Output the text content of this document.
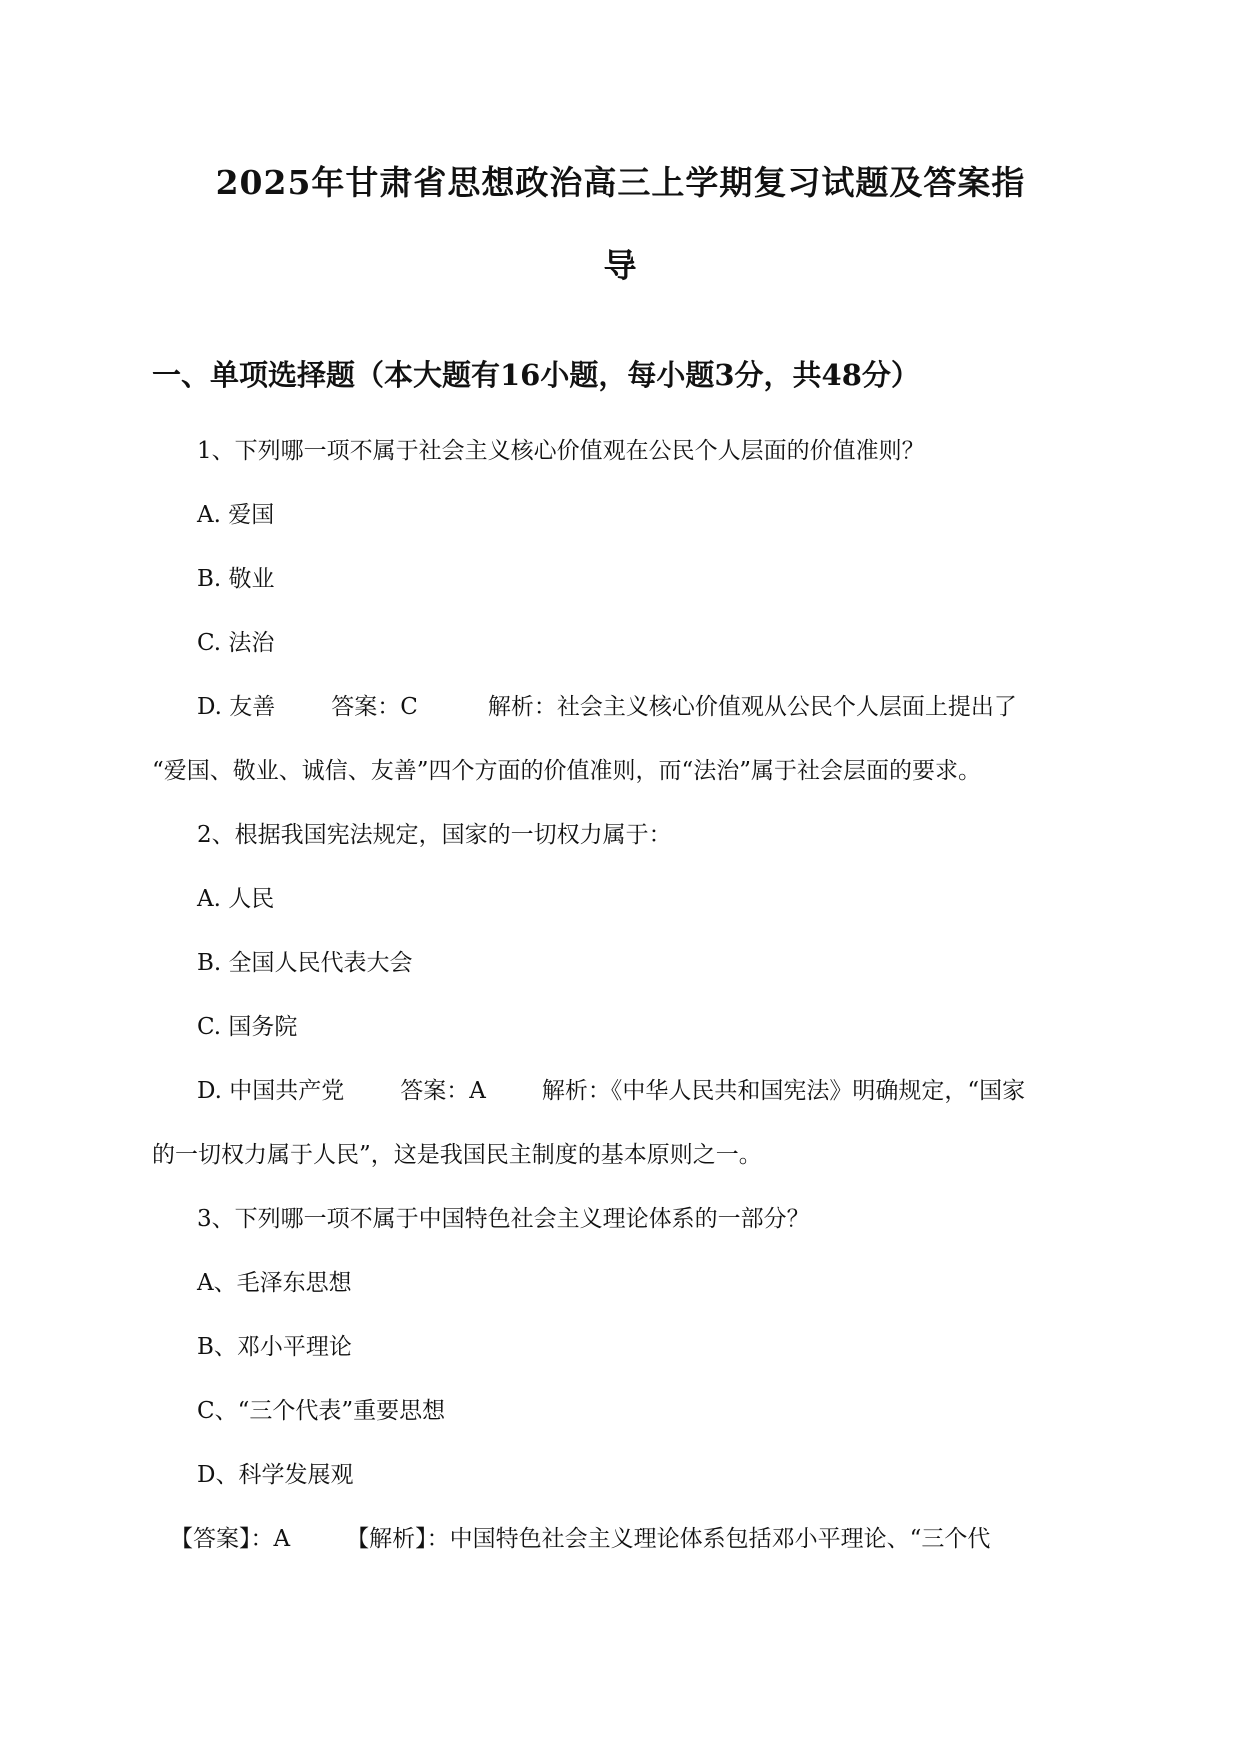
2025年甘肃省思想政治高三上学期复习试题及答案指
导
一、单项选择题（本大题有16小题，每小题3分，共48分）
1、下列哪一项不属于社会主义核心价值观在公民个人层面的价值准则？
A. 爱国
B. 敬业
C. 法治
D. 友善 答案：C	解析：社会主义核心价值观从公民个人层面上提出了
“爱国、敬业、诚信、友善”四个方面的价值准则，而“法治”属于社会层面的要求。
2、根据我国宪法规定，国家的一切权力属于：
A. 人民
B. 全国人民代表大会
C. 国务院
D. 中国共产党 答案：A 解析：《中华人民共和国宪法》明确规定，“国家
的一切权力属于人民”，这是我国民主制度的基本原则之一。
3、下列哪一项不属于中国特色社会主义理论体系的一部分？
A、毛泽东思想
B、邓小平理论
C、“三个代表”重要思想
D、科学发展观
【答案】：A 【解析】：中国特色社会主义理论体系包括邓小平理论、“三个代
